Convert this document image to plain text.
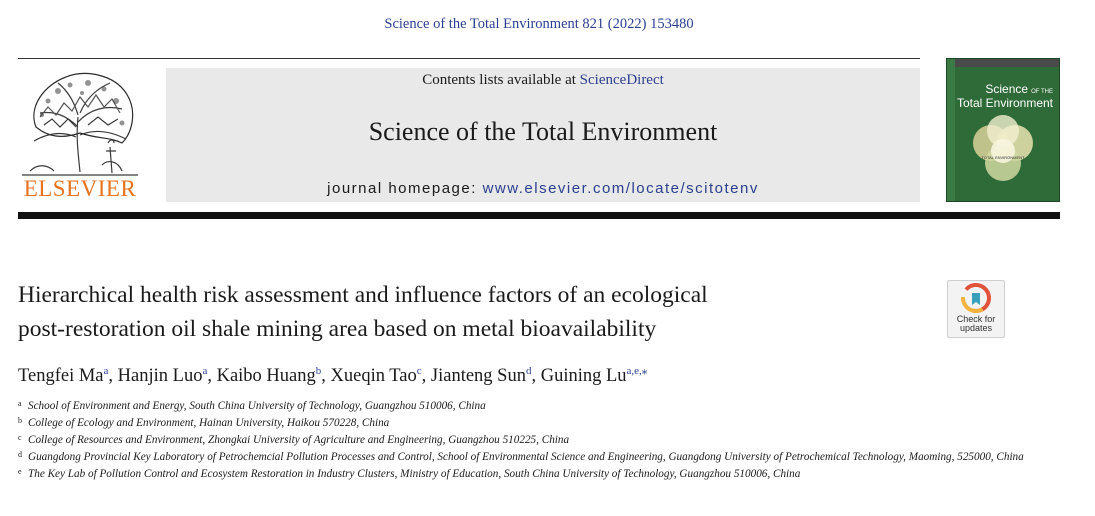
Science of the Total Environment 821 (2022) 153480
ELSEVIER
Contents lists available at ScienceDirect
Science of the Total Environment
journal homepage: www.elsevier.com/locate/scitotenv
Science OF THE
Total Environment
TOTAL ENVIRONMENT
Hierarchical health risk assessment and influence factors of an ecological
post-restoration oil shale mining area based on metal bioavailability	Check for
updates
Tengfei Ma$^a$, Hanjin Luo$^a$, Kaibo Huang$^b$, Xueqin Tao$^c$, Jianteng Sun$^d$, Guining $Lu^{a,e,⁎}$
a School of Environment and Energy, South China University of Technology, Guangzhou 510006, China
b College of Ecology and Environment, Hainan University, Haikou 570228, China
c College of Resources and Environment, Zhongkai University of Agriculture and Engineering, Guangzhou 510225, China
d Guangdong Provincial Key Laboratory of Petrochemcial Pollution Processes and Control, School of Environmental Science and Engineering, Guangdong University of Petrochemical Technology, Maoming, 525000, China
e The Key Lab of Pollution Control and Ecosystem Restoration in Industry Clusters, Ministry of Education, South China University of Technology, Guangzhou 510006, China
